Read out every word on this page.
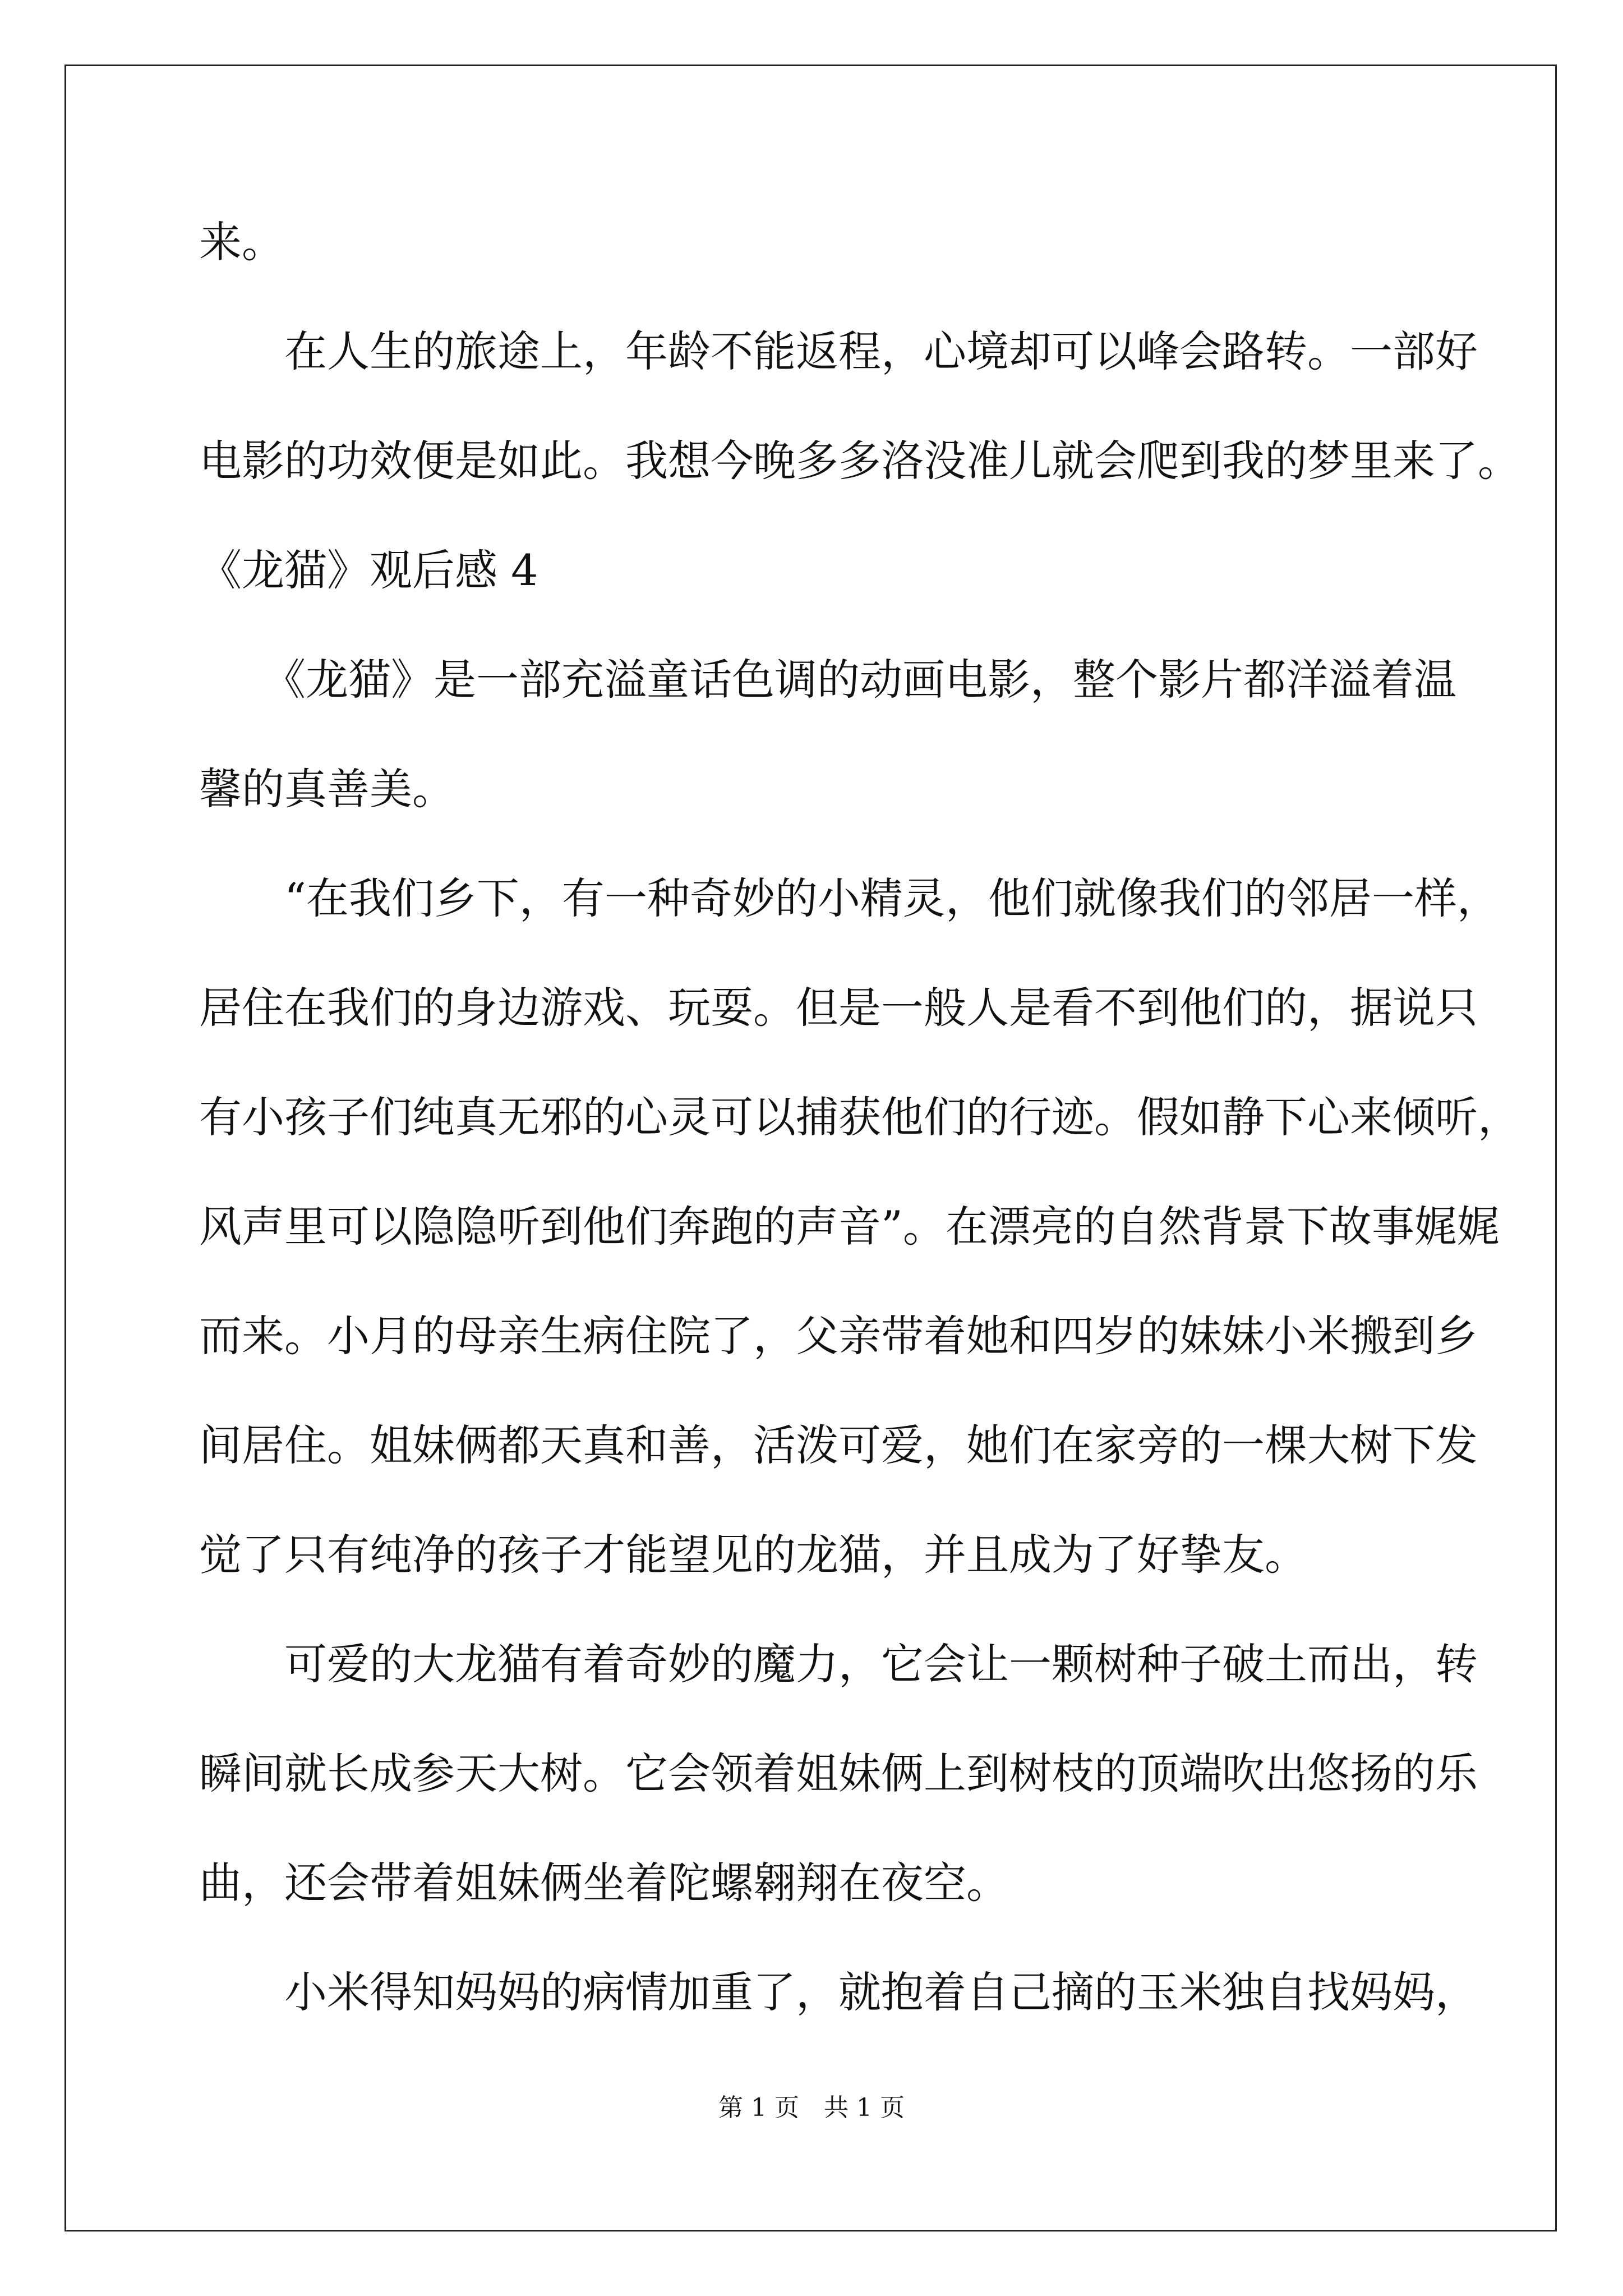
来。
　　在人生的旅途上，年龄不能返程，心境却可以峰会路转。一部好
电影的功效便是如此。我想今晚多多洛没准儿就会爬到我的梦里来了。
《龙猫》观后感 4
　　《龙猫》是一部充溢童话色调的动画电影，整个影片都洋溢着温
馨的真善美。
　　“在我们乡下，有一种奇妙的小精灵，他们就像我们的邻居一样，
居住在我们的身边游戏、玩耍。但是一般人是看不到他们的，据说只
有小孩子们纯真无邪的心灵可以捕获他们的行迹。假如静下心来倾听，
风声里可以隐隐听到他们奔跑的声音”。在漂亮的自然背景下故事娓娓
而来。小月的母亲生病住院了，父亲带着她和四岁的妹妹小米搬到乡
间居住。姐妹俩都天真和善，活泼可爱，她们在家旁的一棵大树下发
觉了只有纯净的孩子才能望见的龙猫，并且成为了好挚友。
　　可爱的大龙猫有着奇妙的魔力，它会让一颗树种子破土而出，转
瞬间就长成参天大树。它会领着姐妹俩上到树枝的顶端吹出悠扬的乐
曲，还会带着姐妹俩坐着陀螺翱翔在夜空。
　　小米得知妈妈的病情加重了，就抱着自己摘的玉米独自找妈妈，
第 1 页　共 1 页
